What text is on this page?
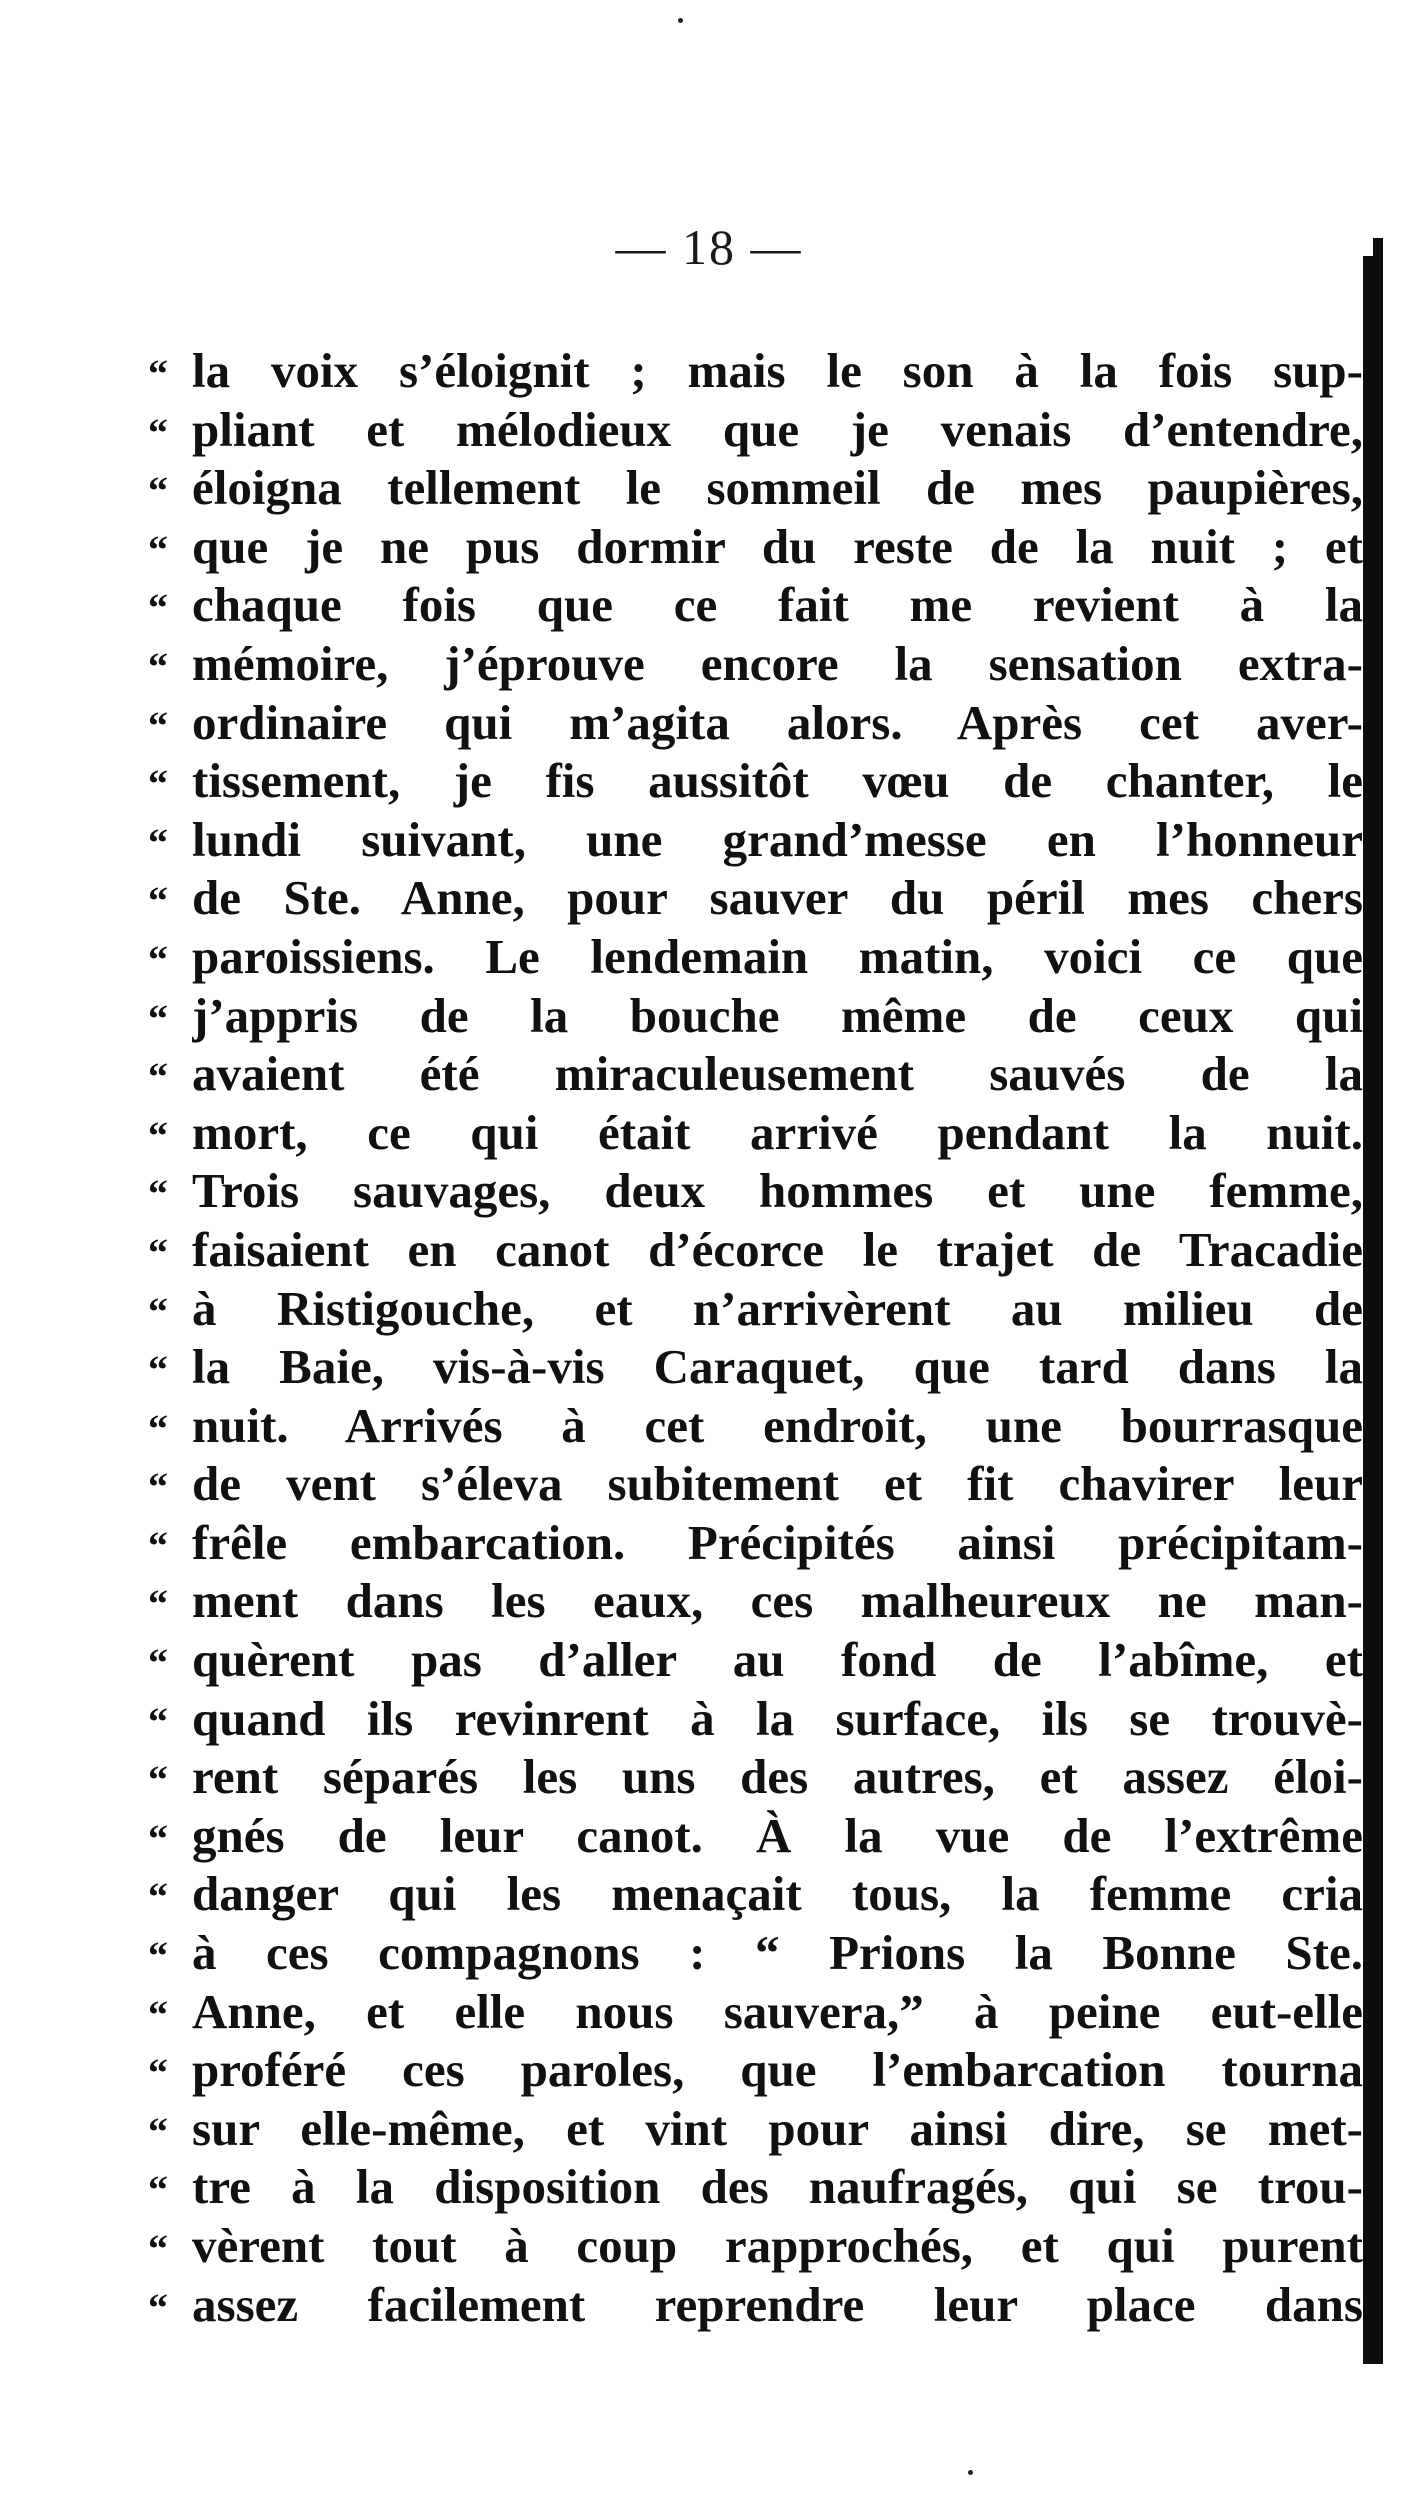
— 18 —
“ la voix s’éloignit ; mais le son à la fois sup-
“ pliant et mélodieux que je venais d’entendre,
“ éloigna tellement le sommeil de mes paupières,
“ que je ne pus dormir du reste de la nuit ; et
“ chaque fois que ce fait me revient à la
“ mémoire, j’éprouve encore la sensation extra-
“ ordinaire qui m’agita alors. Après cet aver-
“ tissement, je fis aussitôt vœu de chanter, le
“ lundi suivant, une grand’messe en l’honneur
“ de Ste. Anne, pour sauver du péril mes chers
“ paroissiens. Le lendemain matin, voici ce que
“ j’appris de la bouche même de ceux qui
“ avaient été miraculeusement sauvés de la
“ mort, ce qui était arrivé pendant la nuit.
“ Trois sauvages, deux hommes et une femme,
“ faisaient en canot d’écorce le trajet de Tracadie
“ à Ristigouche, et n’arrivèrent au milieu de
“ la Baie, vis-à-vis Caraquet, que tard dans la
“ nuit. Arrivés à cet endroit, une bourrasque
“ de vent s’éleva subitement et fit chavirer leur
“ frêle embarcation. Précipités ainsi précipitam-
“ ment dans les eaux, ces malheureux ne man-
“ quèrent pas d’aller au fond de l’abîme, et
“ quand ils revinrent à la surface, ils se trouvè-
“ rent séparés les uns des autres, et assez éloi-
“ gnés de leur canot. À la vue de l’extrême
“ danger qui les menaçait tous, la femme cria
“ à ces compagnons : “ Prions la Bonne Ste.
“ Anne, et elle nous sauvera,” à peine eut-elle
“ proféré ces paroles, que l’embarcation tourna
“ sur elle-même, et vint pour ainsi dire, se met-
“ tre à la disposition des naufragés, qui se trou-
“ vèrent tout à coup rapprochés, et qui purent
“ assez facilement reprendre leur place dans
